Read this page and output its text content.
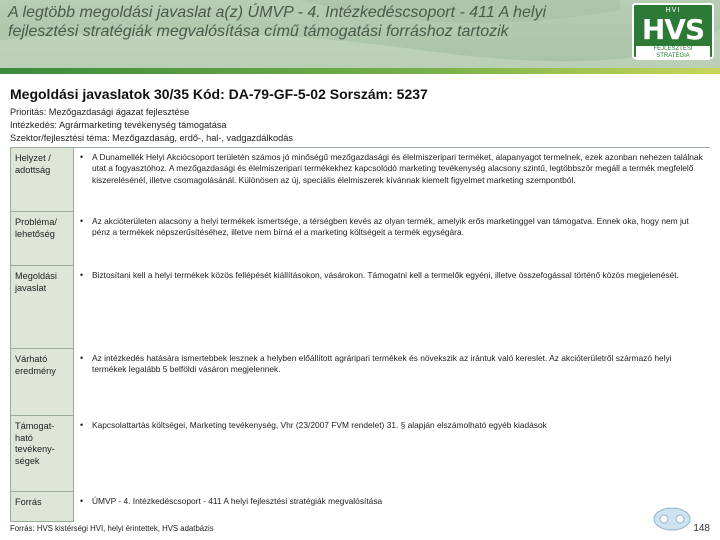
A legtöbb megoldási javaslat a(z) ÚMVP - 4. Intézkedéscsoport - 411 A helyi fejlesztési stratégiák megvalósítása című támogatási forráshoz tartozik
HVI
HVS
FEJLESZTÉSI STRATÉGIA
Megoldási javaslatok 30/35 Kód: DA-79-GF-5-02 Sorszám: 5237
Prioritás: Mezőgazdasági ágazat fejlesztése
Intézkedés: Agrármarketing tevékenység támogatása
Szektor/fejlesztési téma: Mezőgazdaság, erdő-, hal-, vadgazdálkodás
Helyzet / adottság
• A Dunamellék Helyi Akciócsoport területén számos jó minőségű mezőgazdasági és élelmiszeripari terméket, alapanyagot termelnek, ezek azonban nehezen találnak utat a fogyasztóhoz. A mezőgazdasági és élelmiszeripari termékekhez kapcsolódó marketing tevékenység alacsony szintű, legtöbbször megáll a termék megfelelő kiszerelésénél, illetve csomagolásánál. Különösen az új, speciális élelmiszerek kívánnak kiemelt figyelmet marketing szempontból.
Probléma/ lehetőség
• Az akcióterületen alacsony a helyi termékek ismertsége, a térségben kevés az olyan termék, amelyik erős marketinggel van támogatva. Ennek oka, hogy nem jut pénz a termékek népszerűsítéséhez, illetve nem bírná el a marketing költségeit a termék egységára.
Megoldási javaslat
• Biztosítani kell a helyi termékek közös fellépését kiállításokon, vásárokon. Támogatni kell a termelők egyéni, illetve összefogással történő közös megjelenését.
Várható eredmény
• Az intézkedés hatására ismertebbek lesznek a helyben előállított agráripari termékek és növekszik az irántuk való kereslet. Az akcióterületről származó helyi termékek legalább 5 belföldi vásáron megjelennek.
Támogat-ható tevékeny-ségek
• Kapcsolattartás költségei, Marketing tevékenység, Vhr (23/2007 FVM rendelet) 31. § alapján elszámolható egyéb kiadások
Forrás	• ÚMVP - 4. Intézkedéscsoport - 411 A helyi fejlesztési stratégiák megvalósítása
Forrás: HVS kistérségi HVI, helyi érintettek, HVS adatbázis	148
